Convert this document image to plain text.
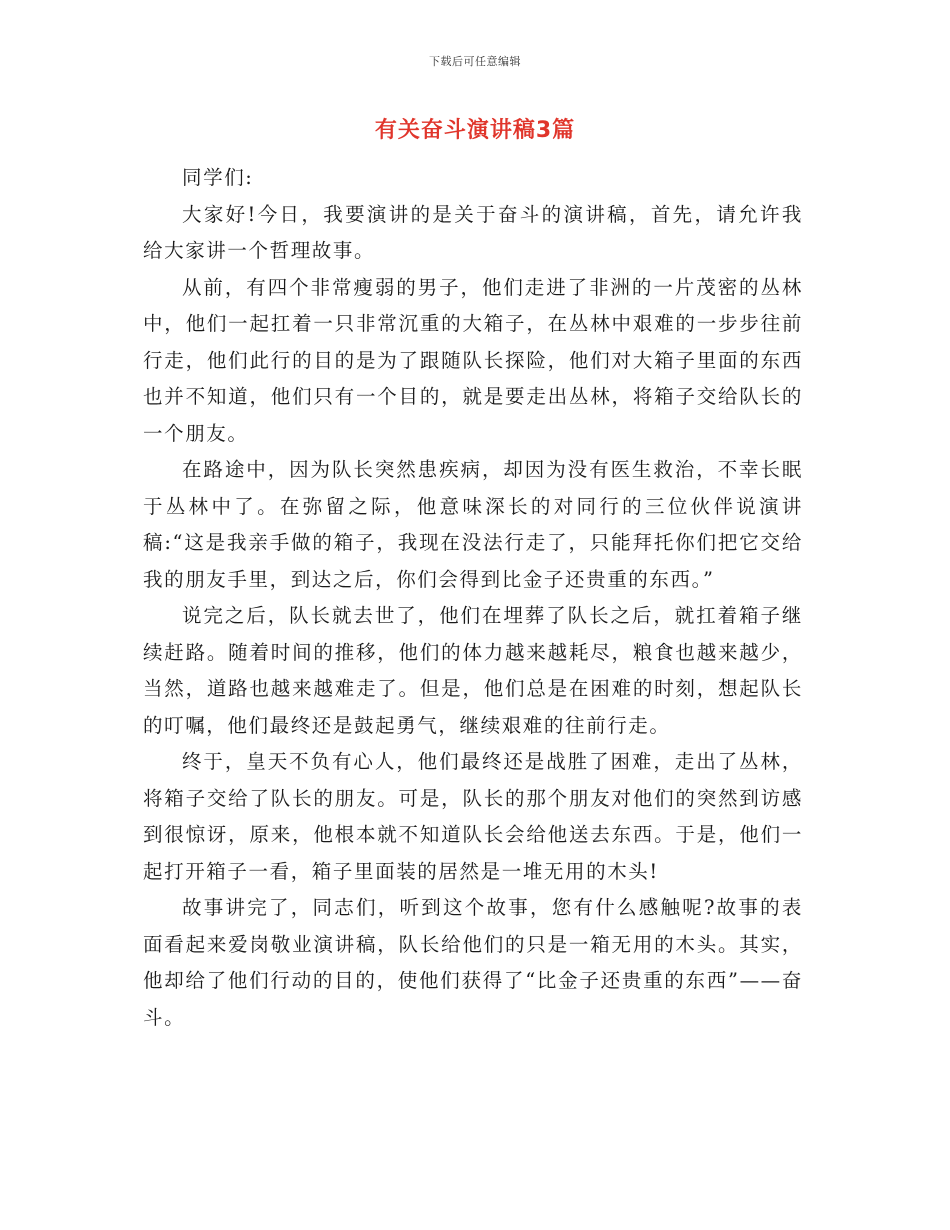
下载后可任意编辑
有关奋斗演讲稿3篇

同学们:

大家好!今日，我要演讲的是关于奋斗的演讲稿，首先，请允许我给大家讲一个哲理故事。

从前，有四个非常瘦弱的男子，他们走进了非洲的一片茂密的丛林中，他们一起扛着一只非常沉重的大箱子，在丛林中艰难的一步步往前行走，他们此行的目的是为了跟随队长探险，他们对大箱子里面的东西也并不知道，他们只有一个目的，就是要走出丛林，将箱子交给队长的一个朋友。

在路途中，因为队长突然患疾病，却因为没有医生救治，不幸长眠于丛林中了。在弥留之际，他意味深长的对同行的三位伙伴说演讲稿:“这是我亲手做的箱子，我现在没法行走了，只能拜托你们把它交给我的朋友手里，到达之后，你们会得到比金子还贵重的东西。”

说完之后，队长就去世了，他们在埋葬了队长之后，就扛着箱子继续赶路。随着时间的推移，他们的体力越来越耗尽，粮食也越来越少，当然，道路也越来越难走了。但是，他们总是在困难的时刻，想起队长的叮嘱，他们最终还是鼓起勇气，继续艰难的往前行走。

终于，皇天不负有心人，他们最终还是战胜了困难，走出了丛林，将箱子交给了队长的朋友。可是，队长的那个朋友对他们的突然到访感到很惊讶，原来，他根本就不知道队长会给他送去东西。于是，他们一起打开箱子一看，箱子里面装的居然是一堆无用的木头!

故事讲完了，同志们，听到这个故事，您有什么感触呢?故事的表面看起来爱岗敬业演讲稿，队长给他们的只是一箱无用的木头。其实，他却给了他们行动的目的，使他们获得了“比金子还贵重的东西”——奋斗。
